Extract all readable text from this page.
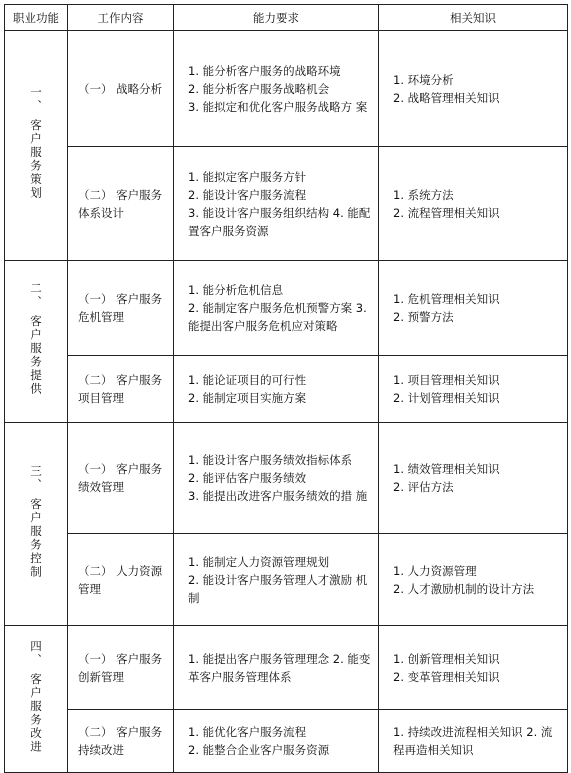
职业功能	工作内容	能力要求	相关知识
一、 客户服务策划	（一） 战略分析	1. 能分析客户服务的战略环境
2. 能分析客户服务战略机会
3. 能拟定和优化客户服务战略方 案	1. 环境分析
2. 战略管理相关知识

	（二） 客户服务 体系设计	1. 能拟定客户服务方针
2. 能设计客户服务流程
3. 能设计客户服务组织结构 4. 能配置客户服务资源	1. 系统方法
2. 流程管理相关知识

二、 客户服务提供	（一） 客户服务 危机管理	1. 能分析危机信息
2. 能制定客户服务危机预警方案 3. 能提出客户服务危机应对策略	1. 危机管理相关知识
2. 预警方法

	（二） 客户服务 项目管理	1. 能论证项目的可行性
2. 能制定项目实施方案	1. 项目管理相关知识
2. 计划管理相关知识

三、 客户服务控制	（一） 客户服务 绩效管理	1. 能设计客户服务绩效指标体系
2. 能评估客户服务绩效
3. 能提出改进客户服务绩效的措 施	1. 绩效管理相关知识
2. 评估方法

	（二） 人力资源 管理	1. 能制定人力资源管理规划
2. 能设计客户服务管理人才激励 机制	1. 人力资源管理
2. 人才激励机制的设计方法

四、 客户服务改进	（一） 客户服务 创新管理	1. 能提出客户服务管理理念 2. 能变革客户服务管理体系	1. 创新管理相关知识
2. 变革管理相关知识

	（二） 客户服务 持续改进	1. 能优化客户服务流程
2. 能整合企业客户服务资源	1. 持续改进流程相关知识 2. 流程再造相关知识
